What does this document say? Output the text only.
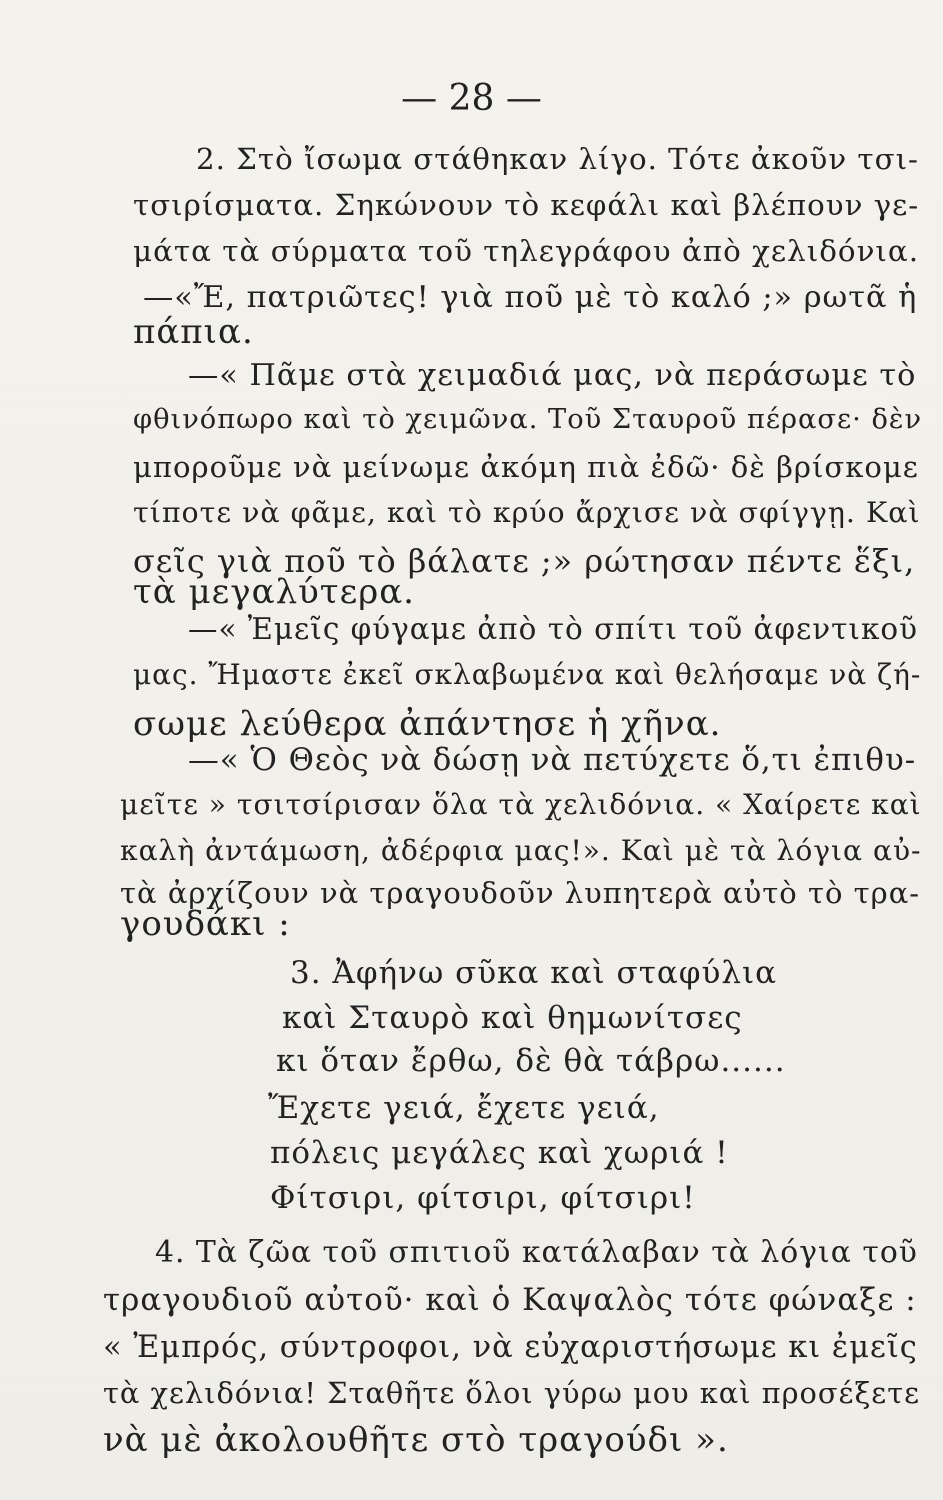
— 28 —
2. Στὸ ἴσωμα στάθηκαν λίγο. Τότε ἀκοῦν τσι-
τσιρίσματα. Σηκώνουν τὸ κεφάλι καὶ βλέπουν γε-
μάτα τὰ σύρματα τοῦ τηλεγράφου ἀπὸ χελιδόνια.
—«Ἔ, πατριῶτες! γιὰ ποῦ μὲ τὸ καλό ;» ρωτᾶ ἡ
πάπια.
—« Πᾶμε στὰ χειμαδιά μας, νὰ περάσωμε τὸ
φθινόπωρο καὶ τὸ χειμῶνα. Τοῦ Σταυροῦ πέρασε· δὲν
μποροῦμε νὰ μείνωμε ἀκόμη πιὰ ἐδῶ· δὲ βρίσκομε
τίποτε νὰ φᾶμε, καὶ τὸ κρύο ἄρχισε νὰ σφίγγῃ. Καὶ
σεῖς γιὰ ποῦ τὸ βάλατε ;» ρώτησαν πέντε ἕξι,
τὰ μεγαλύτερα.
—« Ἐμεῖς φύγαμε ἀπὸ τὸ σπίτι τοῦ ἀφεντικοῦ
μας. Ἤμαστε ἐκεῖ σκλαβωμένα καὶ θελήσαμε νὰ ζή-
σωμε λεύθερα ἀπάντησε ἡ χῆνα.
—« Ὁ Θεὸς νὰ δώσῃ νὰ πετύχετε ὅ,τι ἐπιθυ-
μεῖτε » τσιτσίρισαν ὅλα τὰ χελιδόνια. « Χαίρετε καὶ
καλὴ ἀντάμωση, ἀδέρφια μας!». Καὶ μὲ τὰ λόγια αὐ-
τὰ ἀρχίζουν νὰ τραγουδοῦν λυπητερὰ αὐτὸ τὸ τρα-
γουδάκι :
3. Ἀφήνω σῦκα καὶ σταφύλια
καὶ Σταυρὸ καὶ θημωνίτσες
κι ὅταν ἔρθω, δὲ θὰ τάβρω......
Ἔχετε γειά, ἔχετε γειά,
πόλεις μεγάλες καὶ χωριά !
Φίτσιρι, φίτσιρι, φίτσιρι!
4. Τὰ ζῶα τοῦ σπιτιοῦ κατάλαβαν τὰ λόγια τοῦ
τραγουδιοῦ αὐτοῦ· καὶ ὁ Καψαλὸς τότε φώναξε :
« Ἐμπρός, σύντροφοι, νὰ εὐχαριστήσωμε κι ἐμεῖς
τὰ χελιδόνια! Σταθῆτε ὅλοι γύρω μου καὶ προσέξετε
νὰ μὲ ἀκολουθῆτε στὸ τραγούδι ».
